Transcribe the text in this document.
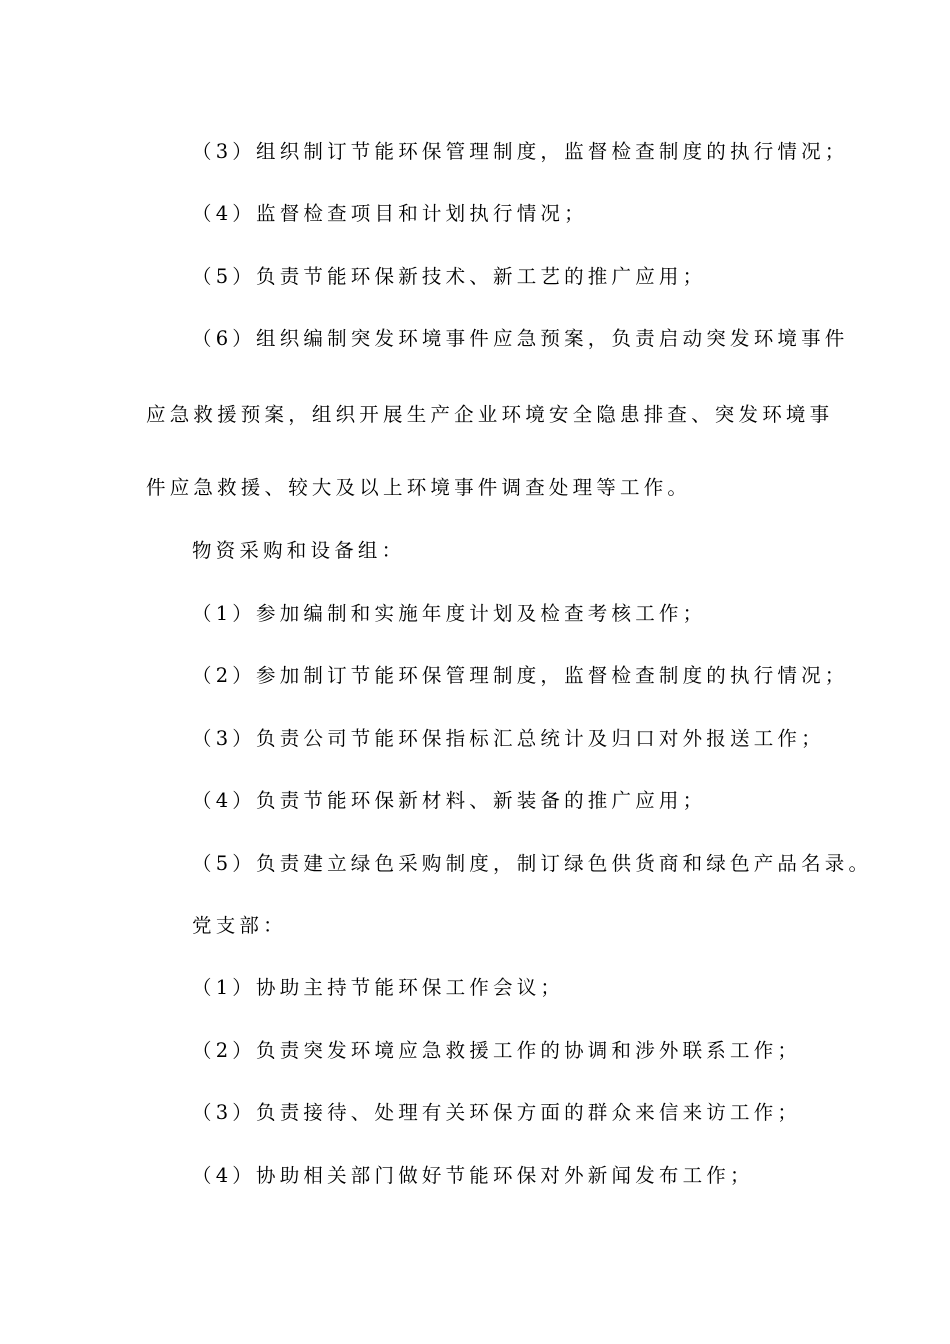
（3）组织制订节能环保管理制度，监督检查制度的执行情况；
（4）监督检查项目和计划执行情况；
（5）负责节能环保新技术、新工艺的推广应用；
（6）组织编制突发环境事件应急预案，负责启动突发环境事件
应急救援预案，组织开展生产企业环境安全隐患排查、突发环境事
件应急救援、较大及以上环境事件调查处理等工作。
物资采购和设备组：
（1）参加编制和实施年度计划及检查考核工作；
（2）参加制订节能环保管理制度，监督检查制度的执行情况；
（3）负责公司节能环保指标汇总统计及归口对外报送工作；
（4）负责节能环保新材料、新装备的推广应用；
（5）负责建立绿色采购制度，制订绿色供货商和绿色产品名录。
党支部：
（1）协助主持节能环保工作会议；
（2）负责突发环境应急救援工作的协调和涉外联系工作；
（3）负责接待、处理有关环保方面的群众来信来访工作；
（4）协助相关部门做好节能环保对外新闻发布工作；
